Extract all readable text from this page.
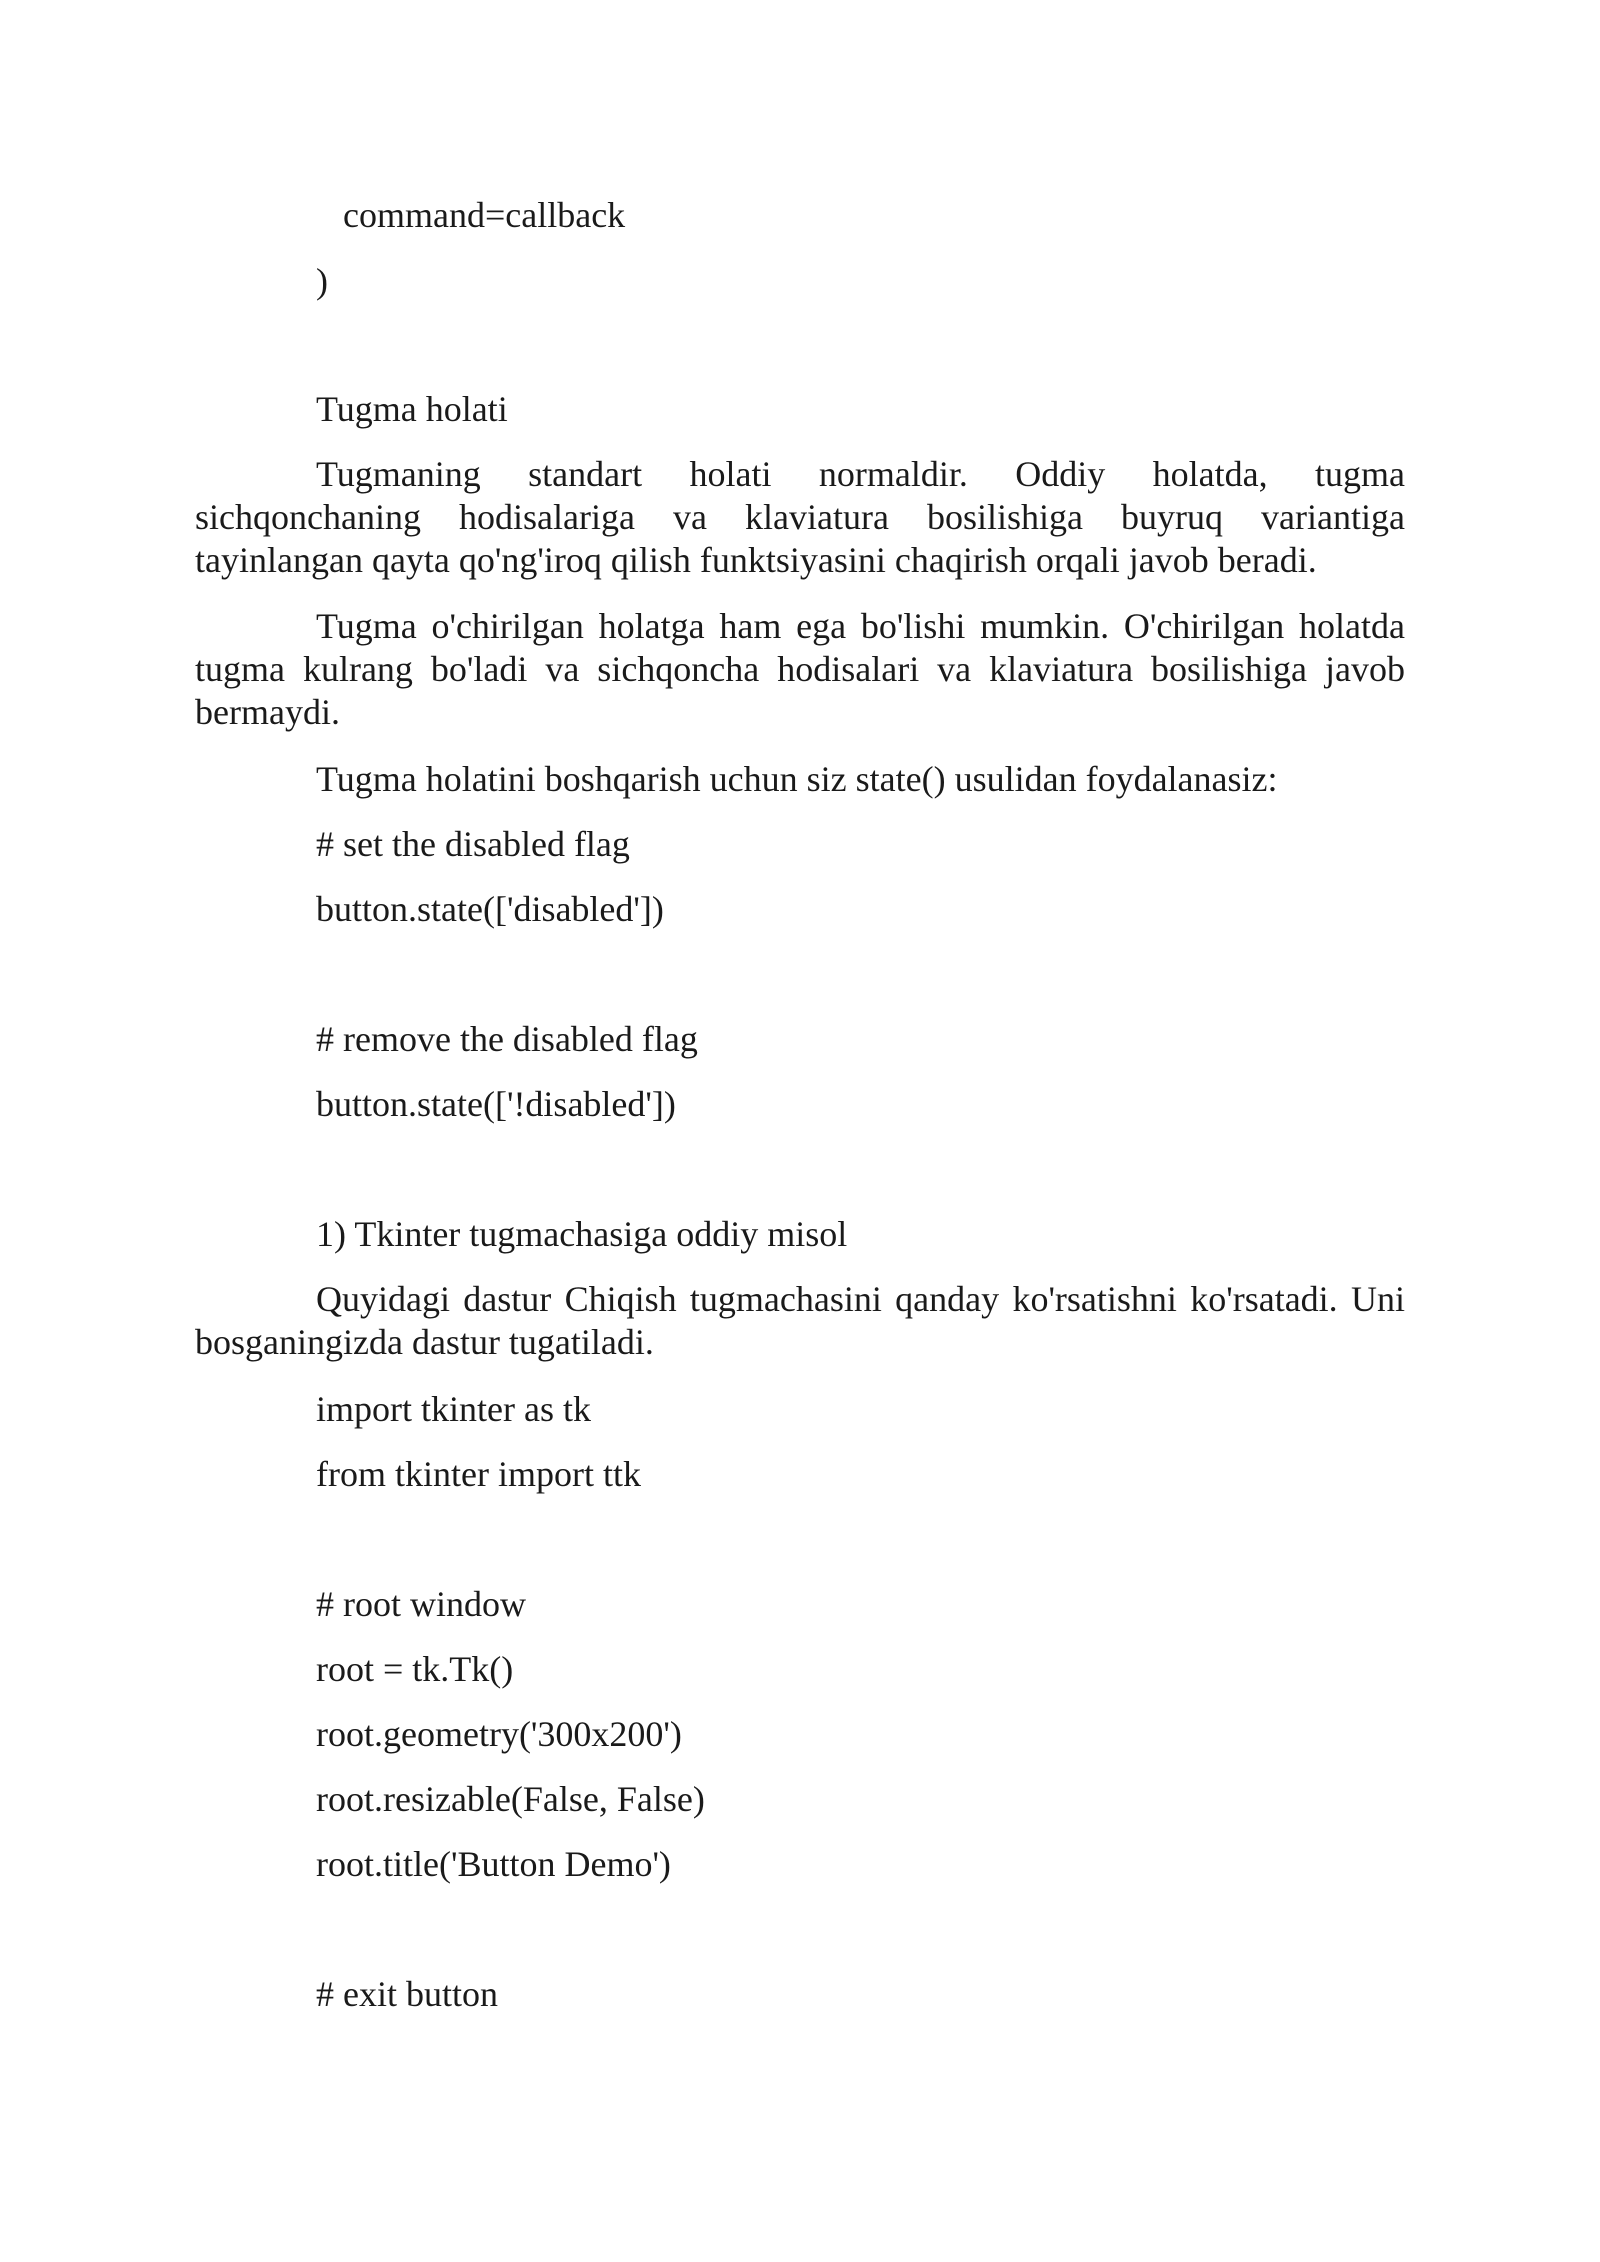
command=callback
)
Tugma holati
Tugmaning standart holati normaldir. Oddiy holatda, tugma sichqonchaning hodisalariga va klaviatura bosilishiga buyruq variantiga tayinlangan qayta qo'ng'iroq qilish funktsiyasini chaqirish orqali javob beradi.
Tugma o'chirilgan holatga ham ega bo'lishi mumkin. O'chirilgan holatda tugma kulrang bo'ladi va sichqoncha hodisalari va klaviatura bosilishiga javob bermaydi.
Tugma holatini boshqarish uchun siz state() usulidan foydalanasiz:
# set the disabled flag
button.state(['disabled'])
# remove the disabled flag
button.state(['!disabled'])
1) Tkinter tugmachasiga oddiy misol
Quyidagi dastur Chiqish tugmachasini qanday ko'rsatishni ko'rsatadi. Uni bosganingizda dastur tugatiladi.
import tkinter as tk
from tkinter import ttk
# root window
root = tk.Tk()
root.geometry('300x200')
root.resizable(False, False)
root.title('Button Demo')
# exit button
